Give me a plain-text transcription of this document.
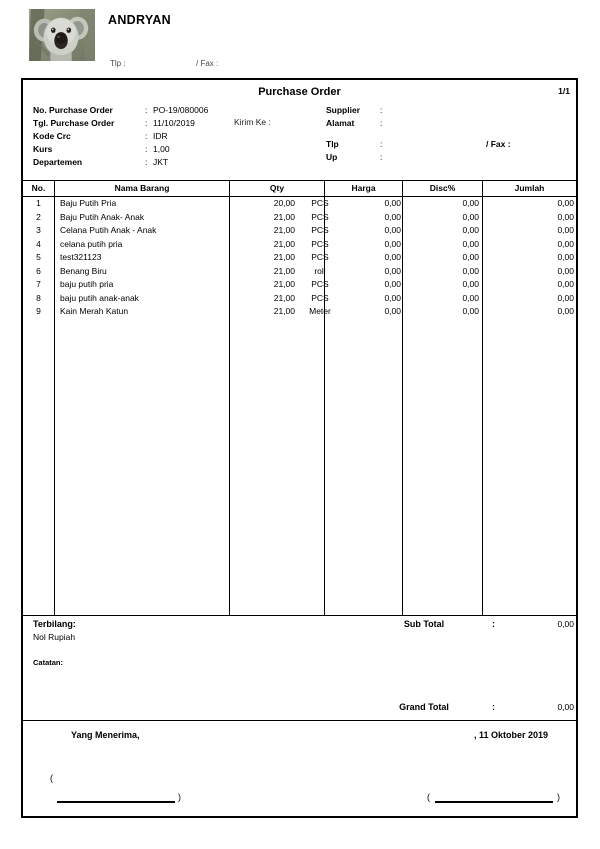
ANDRYAN
Tlp :	/ Fax :
Purchase Order	1/1
No. Purchase Order	: PO-19/080006
Tgl. Purchase Order	: 11/10/2019
Kode Crc	: IDR
Kurs	: 1,00
Departemen	: JKT
Kirim Ke :
Supplier :
Alamat	:
Tlp	:	/ Fax :
Up	:
No.	Nama Barang	Qty	Harga	Disc%	Jumlah
1	Baju Putih Pria	20,00	PCS	0,00	0,00	0,00
2	Baju Putih Anak- Anak	21,00	PCS	0,00	0,00	0,00
3	Celana Putih Anak - Anak	21,00	PCS	0,00	0,00	0,00
4	celana putih pria	21,00	PCS	0,00	0,00	0,00
5	test321123	21,00	PCS	0,00	0,00	0,00
6	Benang Biru	21,00	roll	0,00	0,00	0,00
7	baju putih pria	21,00	PCS	0,00	0,00	0,00
8	baju putih anak-anak	21,00	PCS	0,00	0,00	0,00
9	Kain Merah Katun	21,00	Meter	0,00	0,00	0,00
Terbilang:
Nol Rupiah
Catatan:
Sub Total	:	0,00
Grand Total	:	0,00
Yang Menerima,	, 11 Oktober 2019
(
)	(	)
